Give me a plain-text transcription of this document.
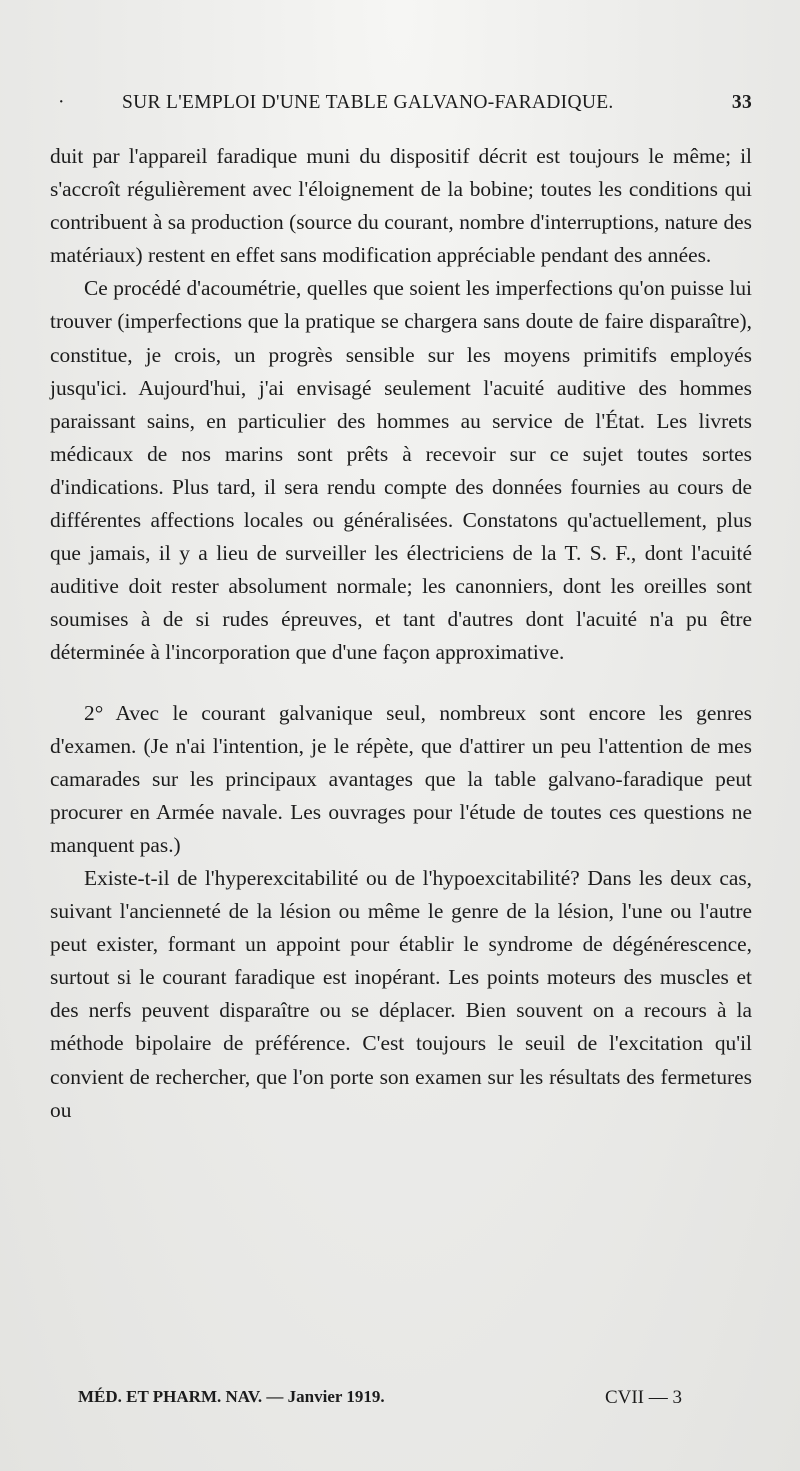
·	SUR L'EMPLOI D'UNE TABLE GALVANO-FARADIQUE.	33

duit par l'appareil faradique muni du dispositif décrit est toujours le même; il s'accroît régulièrement avec l'éloignement de la bobine; toutes les conditions qui contribuent à sa production (source du courant, nombre d'interruptions, nature des matériaux) restent en effet sans modification appréciable pendant des années.

Ce procédé d'acoumétrie, quelles que soient les imperfections qu'on puisse lui trouver (imperfections que la pratique se chargera sans doute de faire disparaître), constitue, je crois, un progrès sensible sur les moyens primitifs employés jusqu'ici. Aujourd'hui, j'ai envisagé seulement l'acuité auditive des hommes paraissant sains, en particulier des hommes au service de l'État. Les livrets médicaux de nos marins sont prêts à recevoir sur ce sujet toutes sortes d'indications. Plus tard, il sera rendu compte des données fournies au cours de différentes affections locales ou généralisées. Constatons qu'actuellement, plus que jamais, il y a lieu de surveiller les électriciens de la T. S. F., dont l'acuité auditive doit rester absolument normale; les canonniers, dont les oreilles sont soumises à de si rudes épreuves, et tant d'autres dont l'acuité n'a pu être déterminée à l'incorporation que d'une façon approximative.

2° Avec le courant galvanique seul, nombreux sont encore les genres d'examen. (Je n'ai l'intention, je le répète, que d'attirer un peu l'attention de mes camarades sur les principaux avantages que la table galvano-faradique peut procurer en Armée navale. Les ouvrages pour l'étude de toutes ces questions ne manquent pas.)

Existe-t-il de l'hyperexcitabilité ou de l'hypoexcitabilité? Dans les deux cas, suivant l'ancienneté de la lésion ou même le genre de la lésion, l'une ou l'autre peut exister, formant un appoint pour établir le syndrome de dégénérescence, surtout si le courant faradique est inopérant. Les points moteurs des muscles et des nerfs peuvent disparaître ou se déplacer. Bien souvent on a recours à la méthode bipolaire de préférence. C'est toujours le seuil de l'excitation qu'il convient de rechercher, que l'on porte son examen sur les résultats des fermetures ou

MÉD. ET PHARM. NAV. — Janvier 1919.	CVII — 3
